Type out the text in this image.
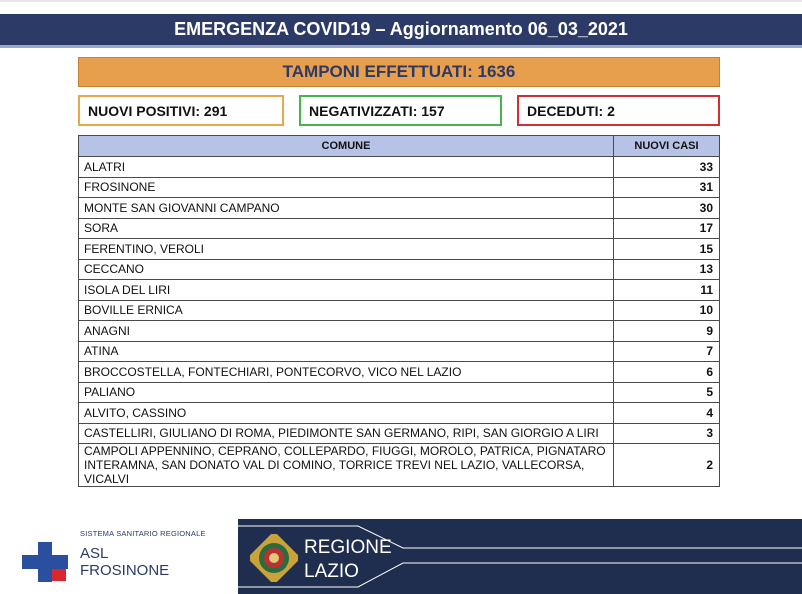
EMERGENZA COVID19 – Aggiornamento 06_03_2021
TAMPONI EFFETTUATI: 1636
NUOVI POSITIVI: 291	NEGATIVIZZATI: 157	DECEDUTI: 2
COMUNE	NUOVI CASI
ALATRI	33
FROSINONE	31
MONTE SAN GIOVANNI CAMPANO	30
SORA	17
FERENTINO, VEROLI	15
CECCANO	13
ISOLA DEL LIRI	11
BOVILLE ERNICA	10
ANAGNI	9
ATINA	7
BROCCOSTELLA, FONTECHIARI, PONTECORVO, VICO NEL LAZIO	6
PALIANO	5
ALVITO, CASSINO	4
CASTELLIRI, GIULIANO DI ROMA, PIEDIMONTE SAN GERMANO, RIPI, SAN GIORGIO A LIRI	3
CAMPOLI APPENNINO, CEPRANO, COLLEPARDO, FIUGGI, MOROLO, PATRICA, PIGNATARO INTERAMNA, SAN DONATO VAL DI COMINO, TORRICE TREVI NEL LAZIO, VALLECORSA, VICALVI	2
SISTEMA SANITARIO REGIONALE
ASL
FROSINONE
REGIONE
LAZIO
